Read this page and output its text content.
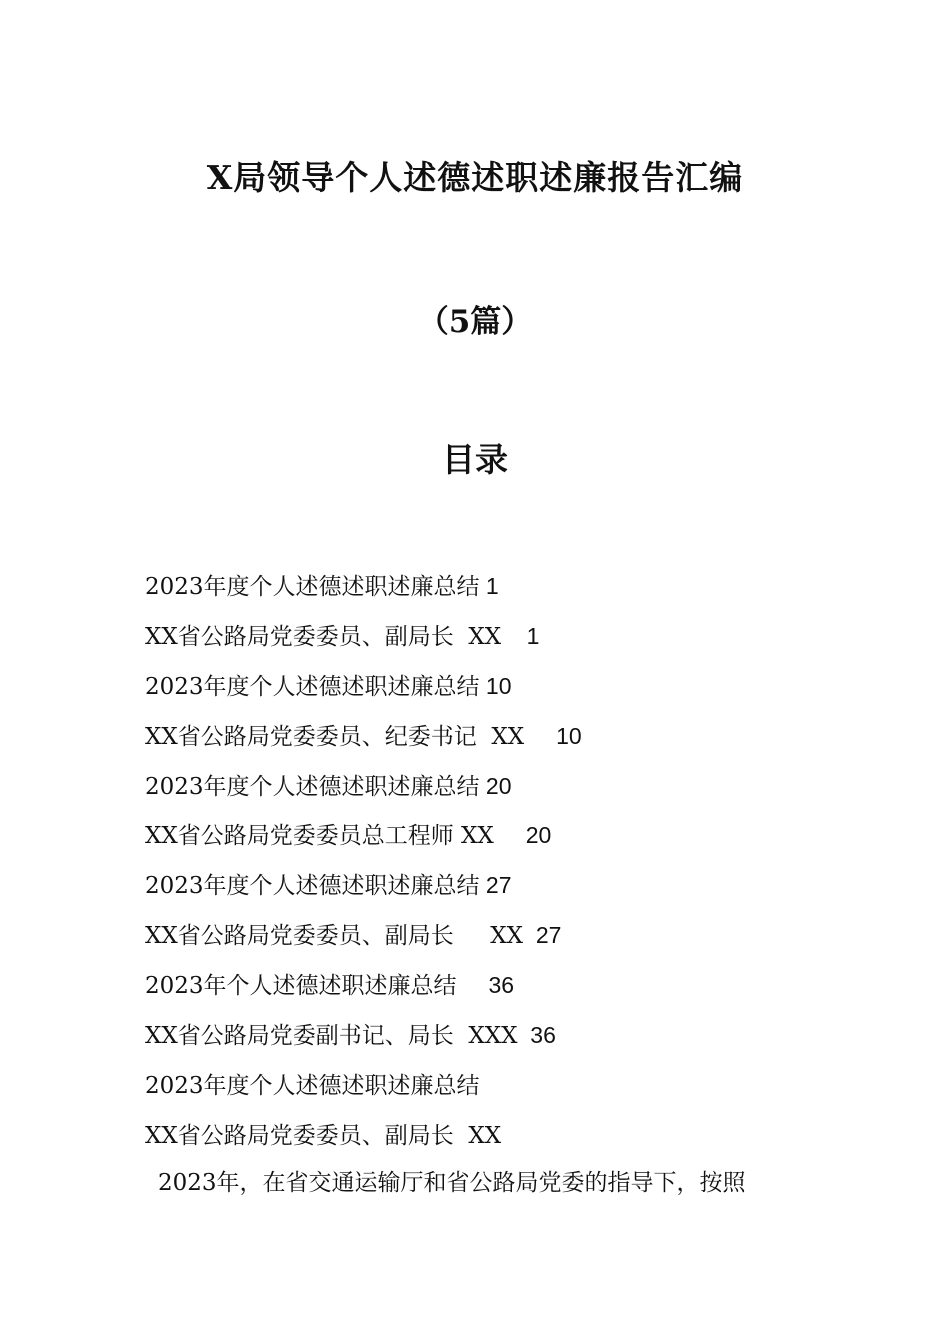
X局领导个人述德述职述廉报告汇编
（5篇）
目录
2023年度个人述德述职述廉总结 1
XX省公路局党委委员、副局长  XX    1
2023年度个人述德述职述廉总结 10
XX省公路局党委委员、纪委书记  XX     10
2023年度个人述德述职述廉总结 20
XX省公路局党委委员总工程师 XX     20
2023年度个人述德述职述廉总结 27
XX省公路局党委委员、副局长     XX  27
2023年个人述德述职述廉总结     36
XX省公路局党委副书记、局长  XXX  36
2023年度个人述德述职述廉总结
XX省公路局党委委员、副局长  XX
2023年，在省交通运输厅和省公路局党委的指导下，按照
